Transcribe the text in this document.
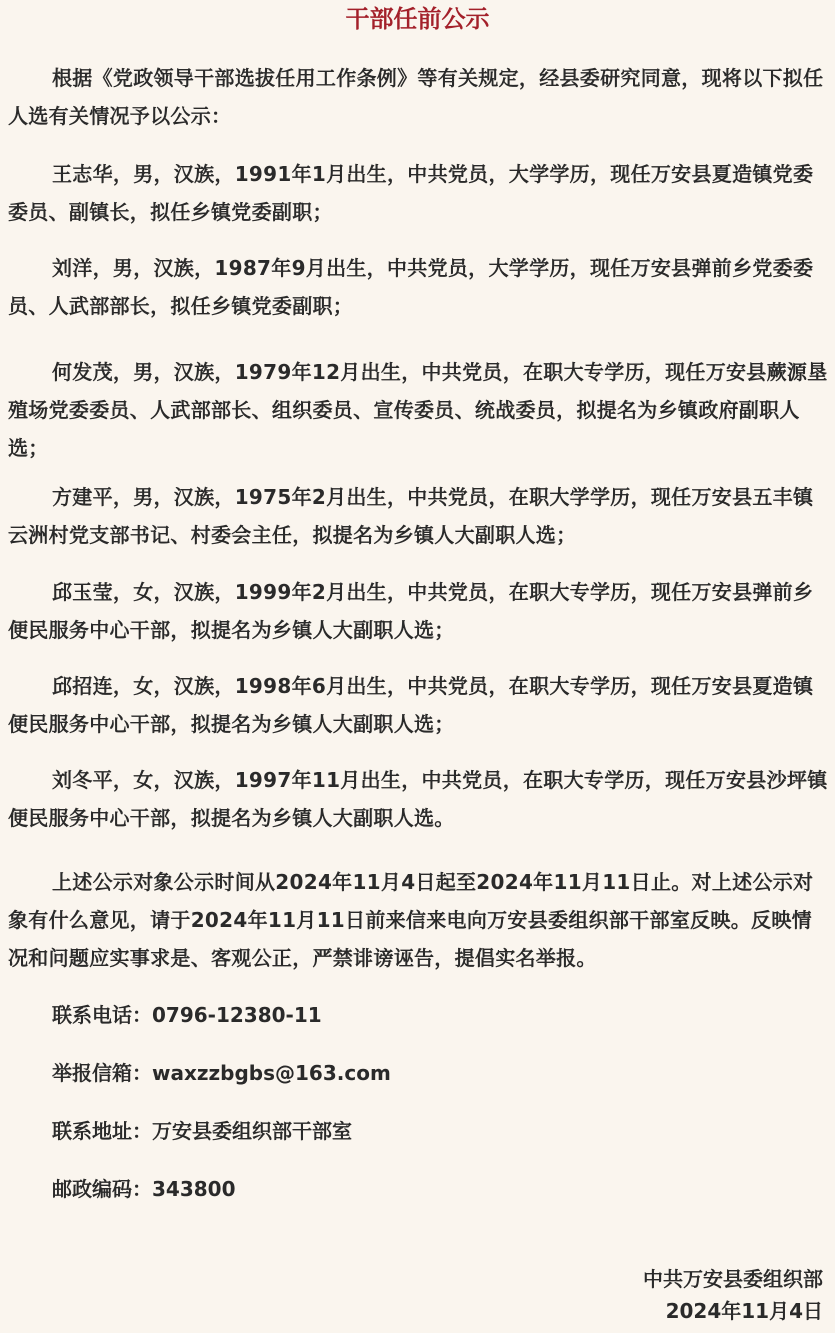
干部任前公示

根据《党政领导干部选拔任用工作条例》等有关规定，经县委研究同意，现将以下拟任人选有关情况予以公示：

王志华，男，汉族，1991年1月出生，中共党员，大学学历，现任万安县夏造镇党委委员、副镇长，拟任乡镇党委副职；

刘洋，男，汉族，1987年9月出生，中共党员，大学学历，现任万安县弹前乡党委委员、人武部部长，拟任乡镇党委副职；

何发茂，男，汉族，1979年12月出生，中共党员，在职大专学历，现任万安县蕨源垦殖场党委委员、人武部部长、组织委员、宣传委员、统战委员，拟提名为乡镇政府副职人选；

方建平，男，汉族，1975年2月出生，中共党员，在职大学学历，现任万安县五丰镇云洲村党支部书记、村委会主任，拟提名为乡镇人大副职人选；

邱玉莹，女，汉族，1999年2月出生，中共党员，在职大专学历，现任万安县弹前乡便民服务中心干部，拟提名为乡镇人大副职人选；

邱招连，女，汉族，1998年6月出生，中共党员，在职大专学历，现任万安县夏造镇便民服务中心干部，拟提名为乡镇人大副职人选；

刘冬平，女，汉族，1997年11月出生，中共党员，在职大专学历，现任万安县沙坪镇便民服务中心干部，拟提名为乡镇人大副职人选。

上述公示对象公示时间从2024年11月4日起至2024年11月11日止。对上述公示对象有什么意见，请于2024年11月11日前来信来电向万安县委组织部干部室反映。反映情况和问题应实事求是、客观公正，严禁诽谤诬告，提倡实名举报。

联系电话：0796-12380-11

举报信箱：waxzzbgbs@163.com

联系地址：万安县委组织部干部室

邮政编码：343800

中共万安县委组织部

2024年11月4日
